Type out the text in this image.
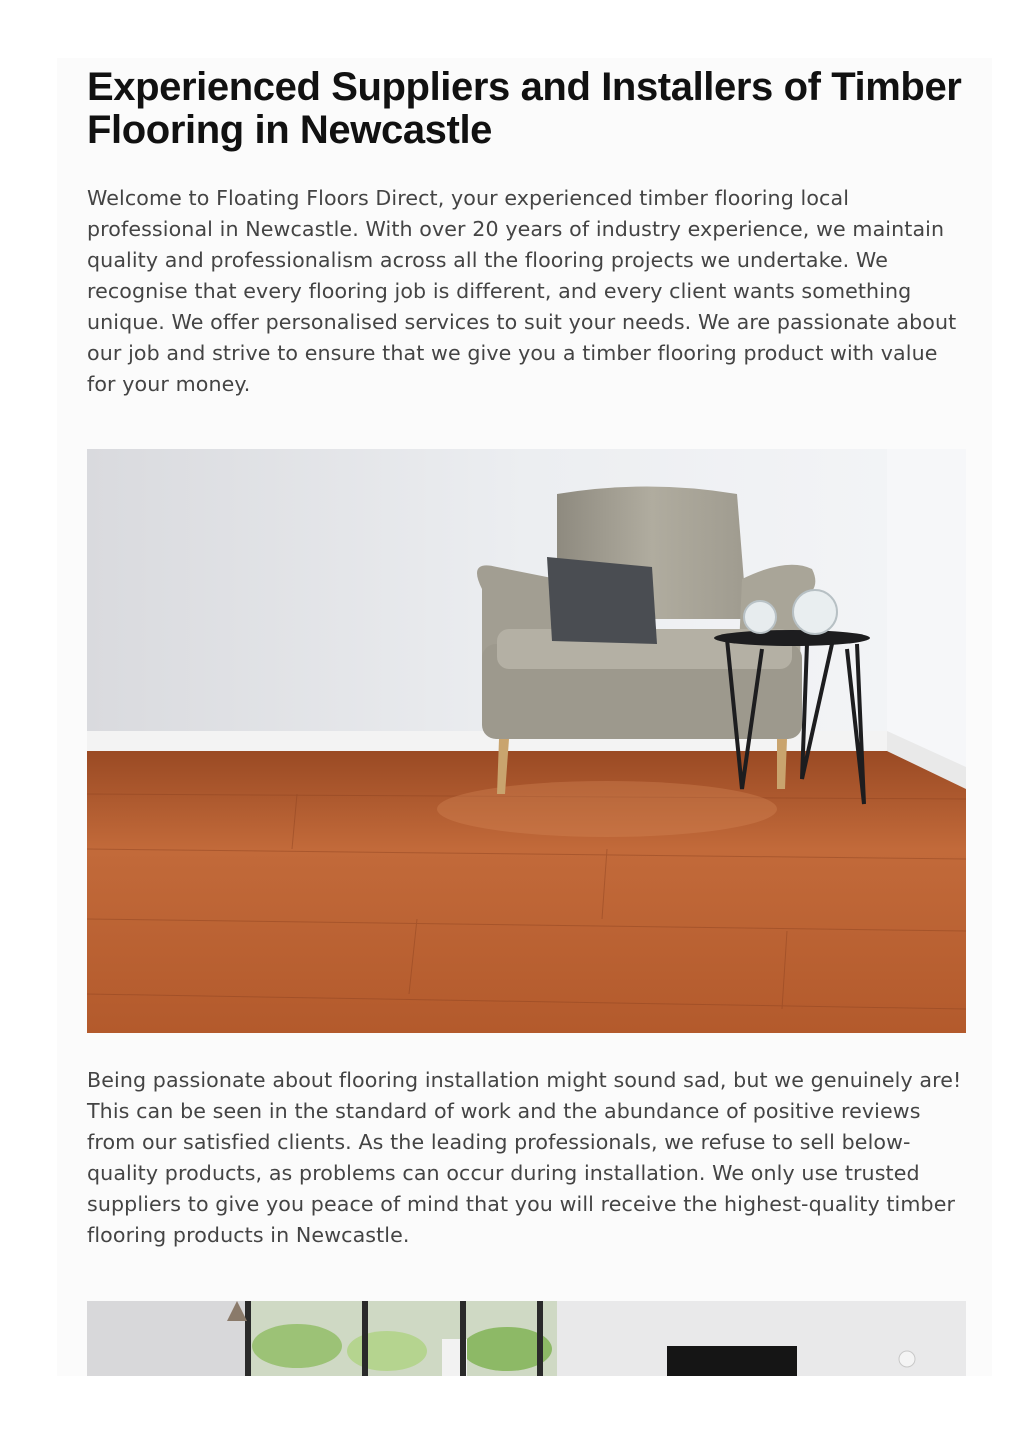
Experienced Suppliers and Installers of Timber Flooring in Newcastle

Welcome to Floating Floors Direct, your experienced timber flooring local professional in Newcastle. With over 20 years of industry experience, we maintain quality and professionalism across all the flooring projects we undertake. We recognise that every flooring job is different, and every client wants something unique. We offer personalised services to suit your needs. We are passionate about our job and strive to ensure that we give you a timber flooring product with value for your money.

Being passionate about flooring installation might sound sad, but we genuinely are! This can be seen in the standard of work and the abundance of positive reviews from our satisfied clients. As the leading professionals, we refuse to sell below-quality products, as problems can occur during installation. We only use trusted suppliers to give you peace of mind that you will receive the highest-quality timber flooring products in Newcastle.
